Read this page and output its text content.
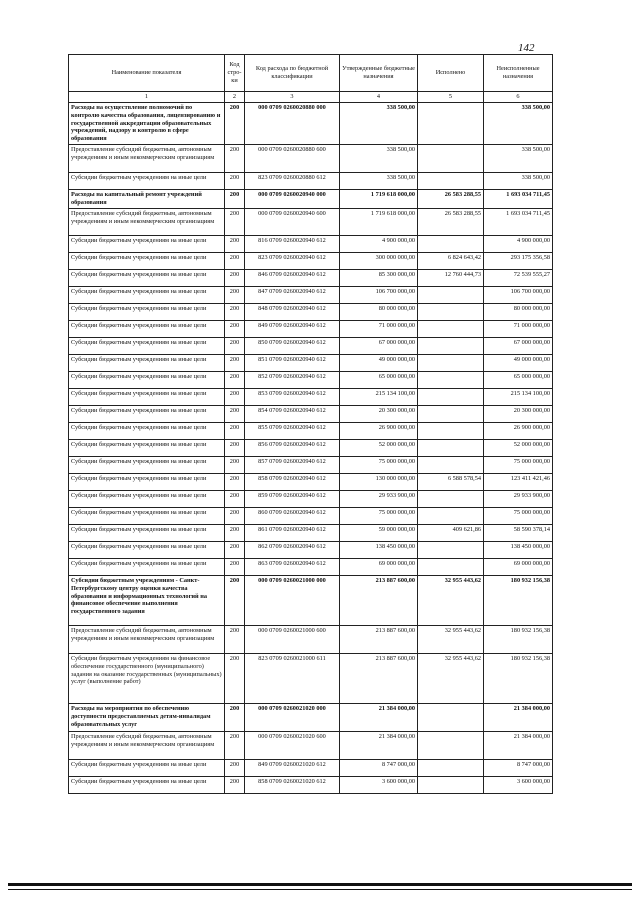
142
Наименование показателя	Код стро-ки	Код расхода по бюджетной классификации	Утвержденные бюджетные назначения	Исполнено	Неисполненные назначения
1	2	3	4	5	6
Расходы на осуществление полномочий по контролю качества образования, лицензированию и государственной аккредитации образовательных учреждений, надзору и контролю в сфере образования	200	000 0709 0260020880 000	338 500,00		338 500,00
Предоставление субсидий бюджетным, автономным учреждениям и иным некоммерческим организациям	200	000 0709 0260020880 600	338 500,00		338 500,00
Субсидии бюджетным учреждениям на иные цели	200	823 0709 0260020880 612	338 500,00		338 500,00
Расходы на капитальный ремонт учреждений образования	200	000 0709 0260020940 000	1 719 618 000,00	26 583 288,55	1 693 034 711,45
Предоставление субсидий бюджетным, автономным учреждениям и иным некоммерческим организациям	200	000 0709 0260020940 600	1 719 618 000,00	26 583 288,55	1 693 034 711,45
Субсидии бюджетным учреждениям на иные цели	200	816 0709 0260020940 612	4 900 000,00		4 900 000,00
Субсидии бюджетным учреждениям на иные цели	200	823 0709 0260020940 612	300 000 000,00	6 824 643,42	293 175 356,58
Субсидии бюджетным учреждениям на иные цели	200	846 0709 0260020940 612	85 300 000,00	12 760 444,73	72 539 555,27
Субсидии бюджетным учреждениям на иные цели	200	847 0709 0260020940 612	106 700 000,00		106 700 000,00
Субсидии бюджетным учреждениям на иные цели	200	848 0709 0260020940 612	80 000 000,00		80 000 000,00
Субсидии бюджетным учреждениям на иные цели	200	849 0709 0260020940 612	71 000 000,00		71 000 000,00
Субсидии бюджетным учреждениям на иные цели	200	850 0709 0260020940 612	67 000 000,00		67 000 000,00
Субсидии бюджетным учреждениям на иные цели	200	851 0709 0260020940 612	49 000 000,00		49 000 000,00
Субсидии бюджетным учреждениям на иные цели	200	852 0709 0260020940 612	65 000 000,00		65 000 000,00
Субсидии бюджетным учреждениям на иные цели	200	853 0709 0260020940 612	215 134 100,00		215 134 100,00
Субсидии бюджетным учреждениям на иные цели	200	854 0709 0260020940 612	20 300 000,00		20 300 000,00
Субсидии бюджетным учреждениям на иные цели	200	855 0709 0260020940 612	26 900 000,00		26 900 000,00
Субсидии бюджетным учреждениям на иные цели	200	856 0709 0260020940 612	52 000 000,00		52 000 000,00
Субсидии бюджетным учреждениям на иные цели	200	857 0709 0260020940 612	75 000 000,00		75 000 000,00
Субсидии бюджетным учреждениям на иные цели	200	858 0709 0260020940 612	130 000 000,00	6 588 578,54	123 411 421,46
Субсидии бюджетным учреждениям на иные цели	200	859 0709 0260020940 612	29 933 900,00		29 933 900,00
Субсидии бюджетным учреждениям на иные цели	200	860 0709 0260020940 612	75 000 000,00		75 000 000,00
Субсидии бюджетным учреждениям на иные цели	200	861 0709 0260020940 612	59 000 000,00	409 621,86	58 590 378,14
Субсидии бюджетным учреждениям на иные цели	200	862 0709 0260020940 612	138 450 000,00		138 450 000,00
Субсидии бюджетным учреждениям на иные цели	200	863 0709 0260020940 612	69 000 000,00		69 000 000,00
Субсидии бюджетным учреждениям - Санкт-Петербургскому центру оценки качества образования и информационных технологий на финансовое обеспечение выполнения государственного задания	200	000 0709 0260021000 000	213 887 600,00	32 955 443,62	180 932 156,38
Предоставление субсидий бюджетным, автономным учреждениям и иным некоммерческим организациям	200	000 0709 0260021000 600	213 887 600,00	32 955 443,62	180 932 156,38
Субсидии бюджетным учреждениям на финансовое обеспечение государственного (муниципального) задания на оказание государственных (муниципальных) услуг (выполнение работ)	200	823 0709 0260021000 611	213 887 600,00	32 955 443,62	180 932 156,38
Расходы на мероприятия по обеспечению доступности предоставляемых детям-инвалидам образовательных услуг	200	000 0709 0260021020 000	21 384 000,00		21 384 000,00
Предоставление субсидий бюджетным, автономным учреждениям и иным некоммерческим организациям	200	000 0709 0260021020 600	21 384 000,00		21 384 000,00
Субсидии бюджетным учреждениям на иные цели	200	849 0709 0260021020 612	8 747 000,00		8 747 000,00
Субсидии бюджетным учреждениям на иные цели	200	858 0709 0260021020 612	3 600 000,00		3 600 000,00
